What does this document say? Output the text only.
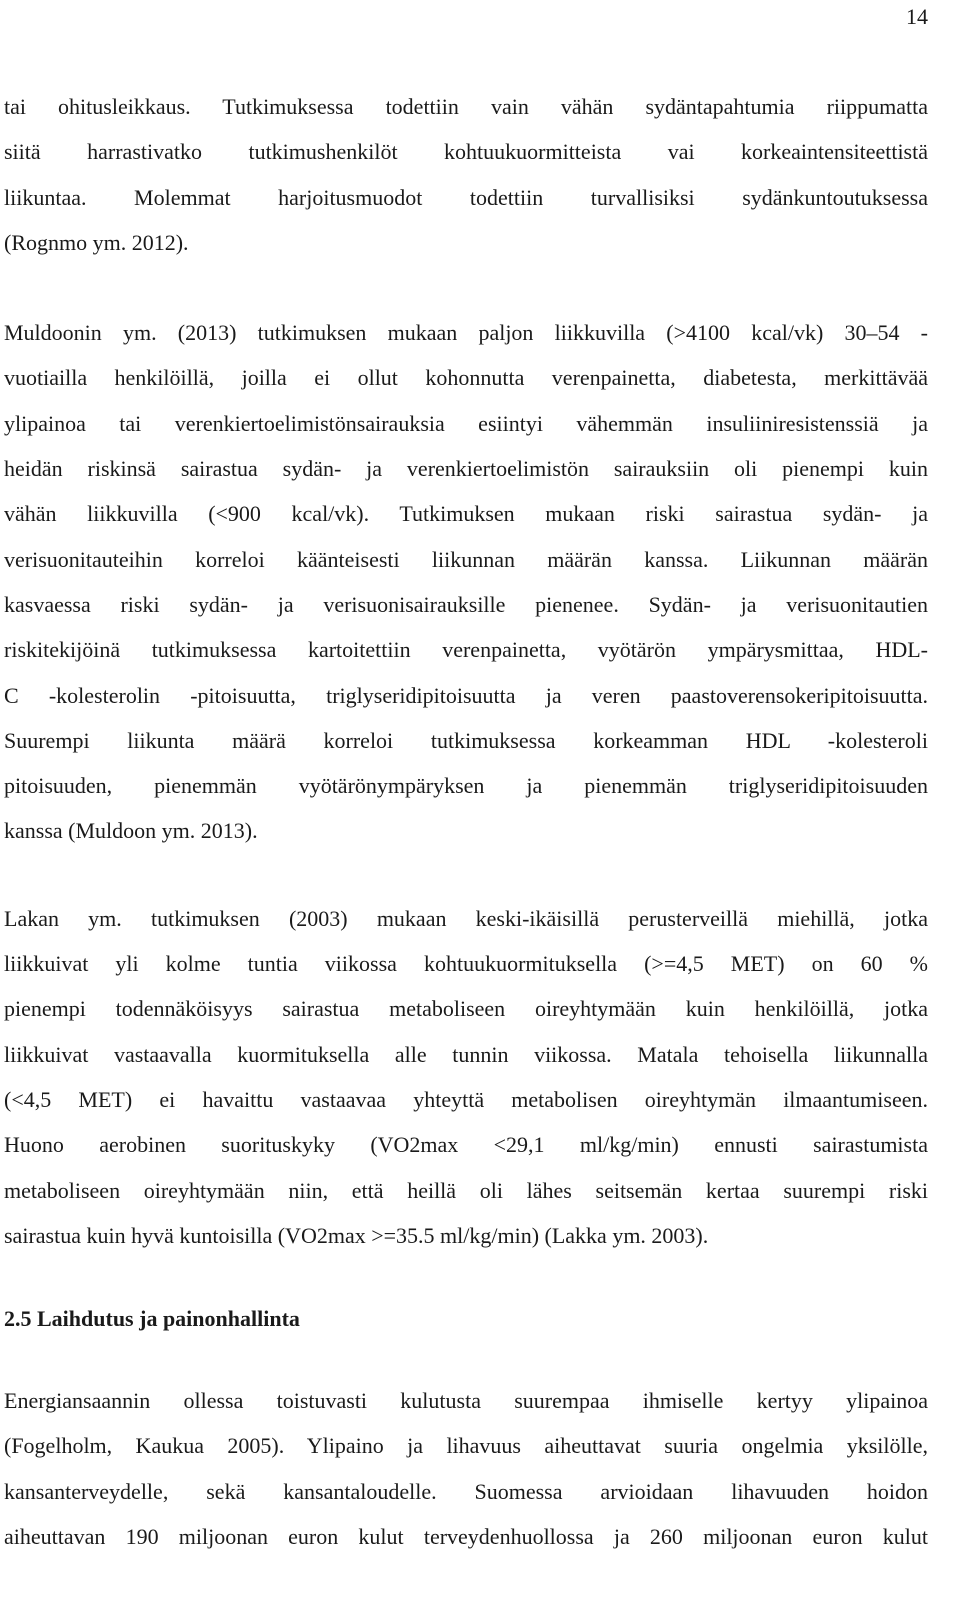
14
tai ohitusleikkaus. Tutkimuksessa todettiin vain vähän sydäntapahtumia riippumatta
siitä harrastivatko tutkimushenkilöt kohtuukuormitteista vai korkeaintensiteettistä
liikuntaa. Molemmat harjoitusmuodot todettiin turvallisiksi sydänkuntoutuksessa
(Rognmo ym. 2012).
Muldoonin ym. (2013) tutkimuksen mukaan paljon liikkuvilla (>4100 kcal/vk) 30–54 -
vuotiailla henkilöillä, joilla ei ollut kohonnutta verenpainetta, diabetesta, merkittävää
ylipainoa tai verenkiertoelimistönsairauksia esiintyi vähemmän insuliiniresistenssiä ja
heidän riskinsä sairastua sydän- ja verenkiertoelimistön sairauksiin oli pienempi kuin
vähän liikkuvilla (<900 kcal/vk). Tutkimuksen mukaan riski sairastua sydän- ja
verisuonitauteihin korreloi käänteisesti liikunnan määrän kanssa. Liikunnan määrän
kasvaessa riski sydän- ja verisuonisairauksille pienenee. Sydän- ja verisuonitautien
riskitekijöinä tutkimuksessa kartoitettiin verenpainetta, vyötärön ympärysmittaa, HDL-
C -kolesterolin -pitoisuutta, triglyseridipitoisuutta ja veren paastoverensokeripitoisuutta.
Suurempi liikunta määrä korreloi tutkimuksessa korkeamman HDL -kolesteroli
pitoisuuden, pienemmän vyötärönympäryksen ja pienemmän triglyseridipitoisuuden
kanssa (Muldoon ym. 2013).
Lakan ym. tutkimuksen (2003) mukaan keski-ikäisillä perusterveillä miehillä, jotka
liikkuivat yli kolme tuntia viikossa kohtuukuormituksella (>=4,5 MET) on 60 %
pienempi todennäköisyys sairastua metaboliseen oireyhtymään kuin henkilöillä, jotka
liikkuivat vastaavalla kuormituksella alle tunnin viikossa. Matala tehoisella liikunnalla
(<4,5 MET) ei havaittu vastaavaa yhteyttä metabolisen oireyhtymän ilmaantumiseen.
Huono aerobinen suorituskyky (VO2max <29,1 ml/kg/min) ennusti sairastumista
metaboliseen oireyhtymään niin, että heillä oli lähes seitsemän kertaa suurempi riski
sairastua kuin hyvä kuntoisilla (VO2max >=35.5 ml/kg/min) (Lakka ym. 2003).
2.5 Laihdutus ja painonhallinta
Energiansaannin ollessa toistuvasti kulutusta suurempaa ihmiselle kertyy ylipainoa
(Fogelholm, Kaukua 2005). Ylipaino ja lihavuus aiheuttavat suuria ongelmia yksilölle,
kansanterveydelle, sekä kansantaloudelle. Suomessa arvioidaan lihavuuden hoidon
aiheuttavan 190 miljoonan euron kulut terveydenhuollossa ja 260 miljoonan euron kulut
